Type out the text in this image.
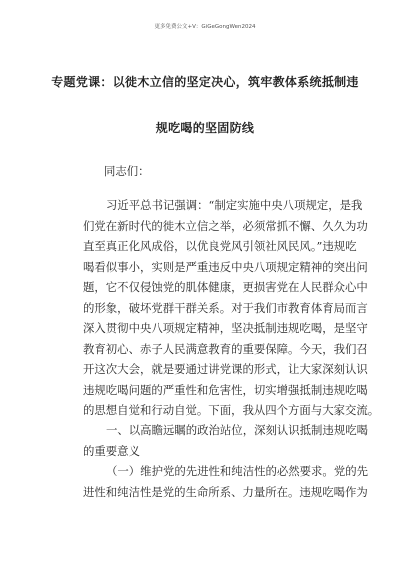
更多免费公文+V：GiGeGongWen2024
专题党课：以徙木立信的坚定决心，筑牢教体系统抵制违
规吃喝的坚固防线
同志们：
习近平总书记强调：“制定实施中央八项规定，是我
们党在新时代的徙木立信之举，必须常抓不懈、久久为功
直至真正化风成俗，以优良党风引领社风民风。”违规吃
喝看似事小，实则是严重违反中央八项规定精神的突出问
题，它不仅侵蚀党的肌体健康，更损害党在人民群众心中
的形象，破坏党群干群关系。对于我们市教育体育局而言
深入贯彻中央八项规定精神，坚决抵制违规吃喝，是坚守
教育初心、赤子人民满意教育的重要保障。今天，我们召
开这次大会，就是要通过讲党课的形式，让大家深刻认识
违规吃喝问题的严重性和危害性，切实增强抵制违规吃喝
的思想自觉和行动自觉。下面，我从四个方面与大家交流。
一、以高瞻远瞩的政治站位，深刻认识抵制违规吃喝
的重要意义
（一）维护党的先进性和纯洁性的必然要求。党的先
进性和纯洁性是党的生命所系、力量所在。违规吃喝作为
